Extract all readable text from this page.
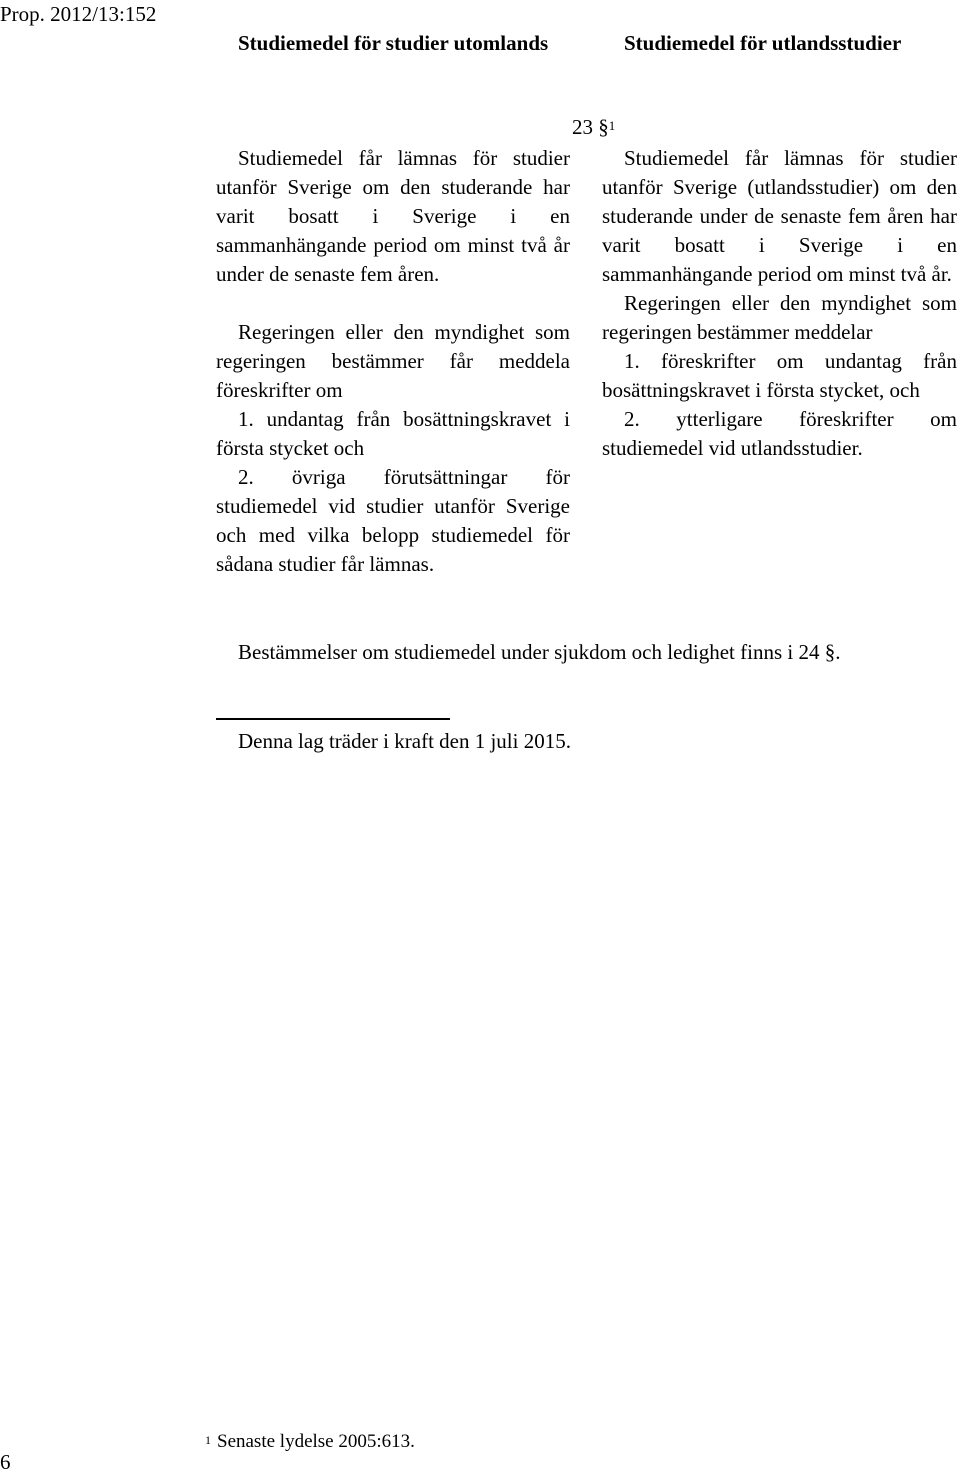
Prop. 2012/13:152

Studiemedel för studier utomlands	Studiemedel för utlandsstudier

23 §$^1$

Studiemedel får lämnas för studier utanför Sverige om den studerande har varit bosatt i Sverige i en sammanhängande period om minst två år under de senaste fem åren.

Regeringen eller den myndighet som regeringen bestämmer får meddela föreskrifter om

1. undantag från bosättningskravet i första stycket och

2. övriga förutsättningar för studiemedel vid studier utanför Sverige och med vilka belopp studiemedel för sådana studier får lämnas.

Studiemedel får lämnas för studier utanför Sverige (utlandsstudier) om den studerande under de senaste fem åren har varit bosatt i Sverige i en sammanhängande period om minst två år.

Regeringen eller den myndighet som regeringen bestämmer meddelar

1. föreskrifter om undantag från bosättningskravet i första stycket, och

2. ytterligare föreskrifter om studiemedel vid utlandsstudier.

Bestämmelser om studiemedel under sjukdom och ledighet finns i 24 §.

Denna lag träder i kraft den 1 juli 2015.

$^1$ Senaste lydelse 2005:613.
6
